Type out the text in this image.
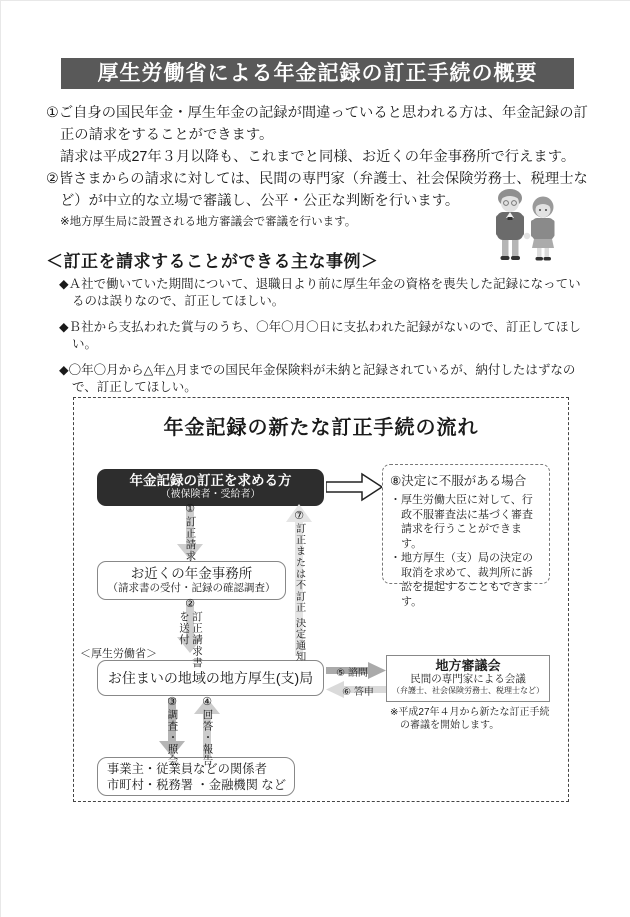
厚生労働省による年金記録の訂正手続の概要

①ご自身の国民年金・厚生年金の記録が間違っていると思われる方は、年金記録の訂正の請求をすることができます。

請求は平成27年３月以降も、これまでと同様、お近くの年金事務所で行えます。

②皆さまからの請求に対しては、民間の専門家（弁護士、社会保険労務士、税理士など）が中立的な立場で審議し、公平・公正な判断を行います。

※地方厚生局に設置される地方審議会で審議を行います。

＜訂正を請求することができる主な事例＞
◆Ａ社で働いていた期間について、退職日より前に厚生年金の資格を喪失した記録になっているのは誤りなので、訂正してほしい。
◆Ｂ社から支払われた賞与のうち、〇年〇月〇日に支払われた記録がないので、訂正してほしい。
◆〇年〇月から△年△月までの国民年金保険料が未納と記録されているが、納付したはずなので、訂正してほしい。
年金記録の新たな訂正手続の流れ
年金記録の訂正を求める方
（被保険者・受給者）
⑧決定に不服がある場合
・厚生労働大臣に対して、行政不服審査法に基づく審査請求を行うことができます。
・地方厚生（支）局の決定の取消を求めて、裁判所に訴訟を提起することもできます。
①
訂正請求
お近くの年金事務所
（請求書の受付・記録の確認調査）
②
訂正請求書
を送付
＜厚生労働省＞
お住まいの地域の地方厚生(支)局	⑤ 諮問
⑥ 答申
地方審議会
民間の専門家による会議
（弁護士、社会保険労務士、税理士など）
※平成27年４月から新たな訂正手続
の審議を開始します。
③
調査・照会
④
回答・報告
事業主・従業員などの関係者
市町村・税務署 ・金融機関 など
⑦
訂正または不訂正 決定通知
